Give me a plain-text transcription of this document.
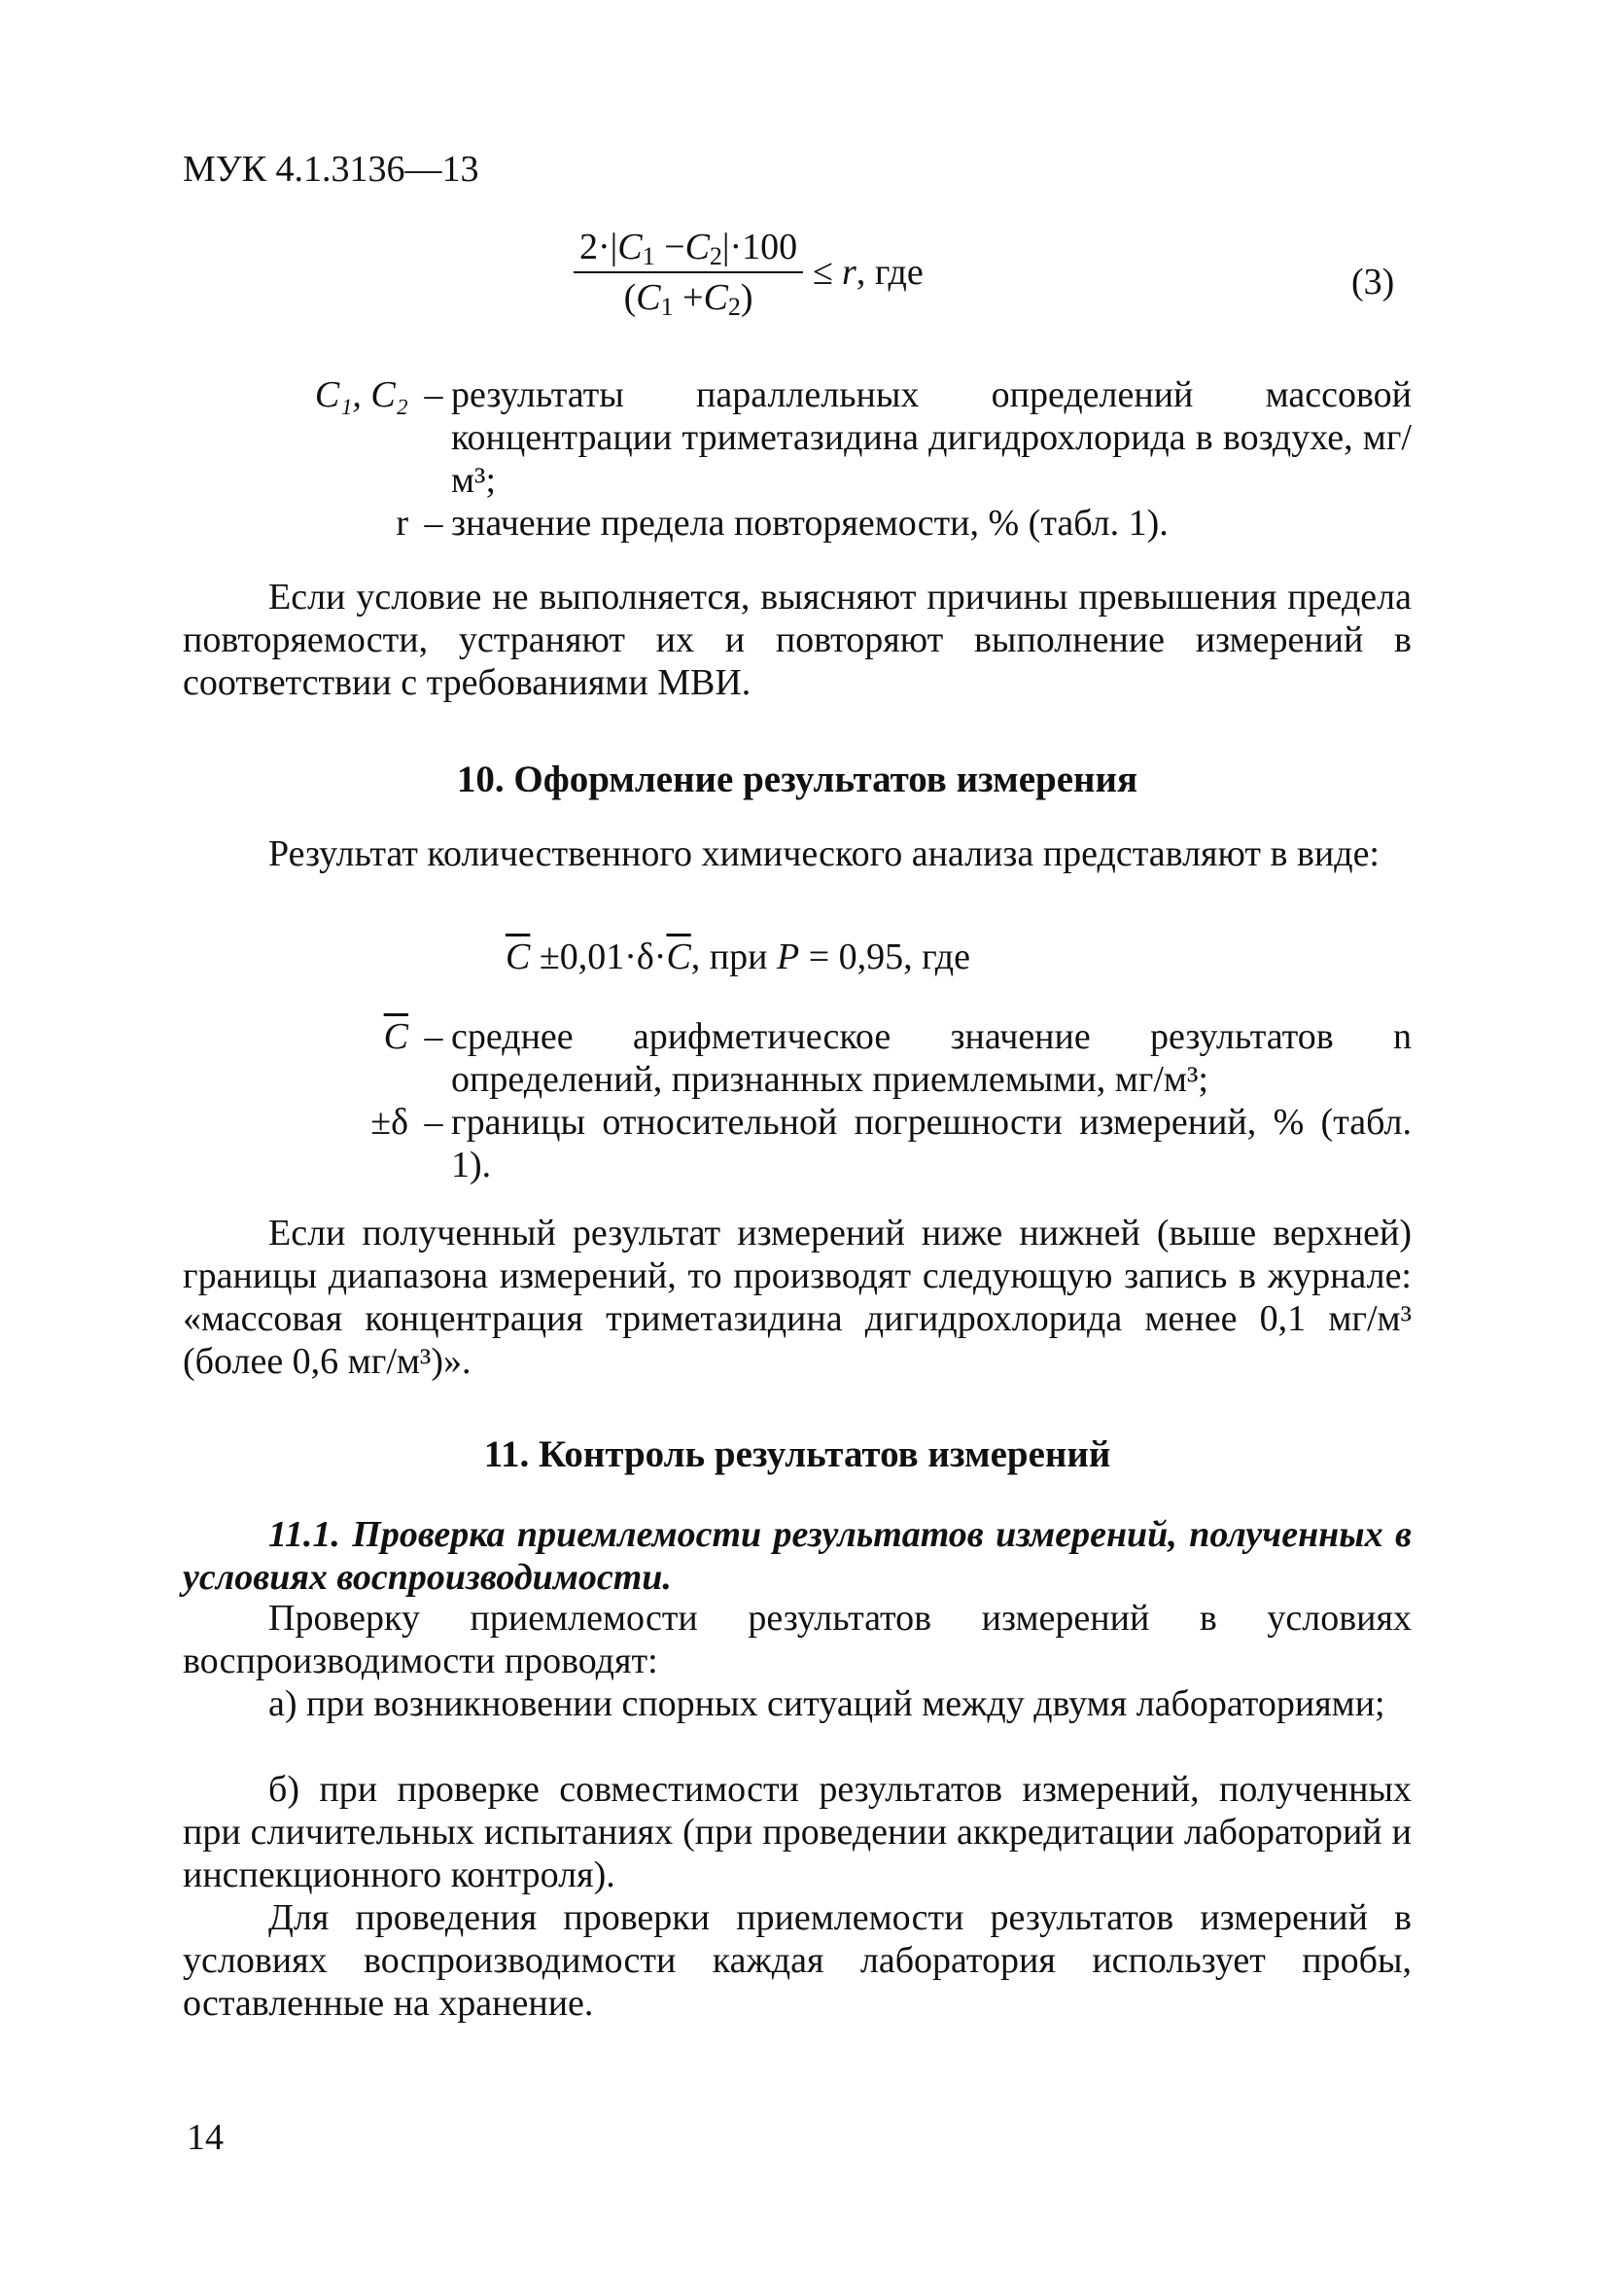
МУК 4.1.3136—13
$\frac{2\cdot|C_1 -C_2|\cdot 100}{(C_1 +C_2)} \le r$, где	(3)
C₁, C₂	–	результаты параллельных определений массовой концентрации триметазидина дигидрохлорида в воздухе, мг/м³;
r	–	значение предела повторяемости, % (табл. 1).
Если условие не выполняется, выясняют причины превышения предела повторяемости, устраняют их и повторяют выполнение измерений в соответствии с требованиями МВИ.
10. Оформление результатов измерения
Результат количественного химического анализа представляют в виде:
$\overline{C} \pm 0,01\cdot\delta\cdot\overline{C}$, при P = 0,95, где
$\overline{C}$	–	среднее арифметическое значение результатов n определений, признанных приемлемыми, мг/м³;
±δ	–	границы относительной погрешности измерений, % (табл. 1).
Если полученный результат измерений ниже нижней (выше верхней) границы диапазона измерений, то производят следующую запись в журнале: «массовая концентрация триметазидина дигидрохлорида менее 0,1 мг/м³ (более 0,6 мг/м³)».
11. Контроль результатов измерений
11.1. Проверка приемлемости результатов измерений, полученных в условиях воспроизводимости.
Проверку приемлемости результатов измерений в условиях воспроизводимости проводят:
а) при возникновении спорных ситуаций между двумя лабораториями;
б) при проверке совместимости результатов измерений, полученных при сличительных испытаниях (при проведении аккредитации лабораторий и инспекционного контроля).
Для проведения проверки приемлемости результатов измерений в условиях воспроизводимости каждая лаборатория использует пробы, оставленные на хранение.
14
